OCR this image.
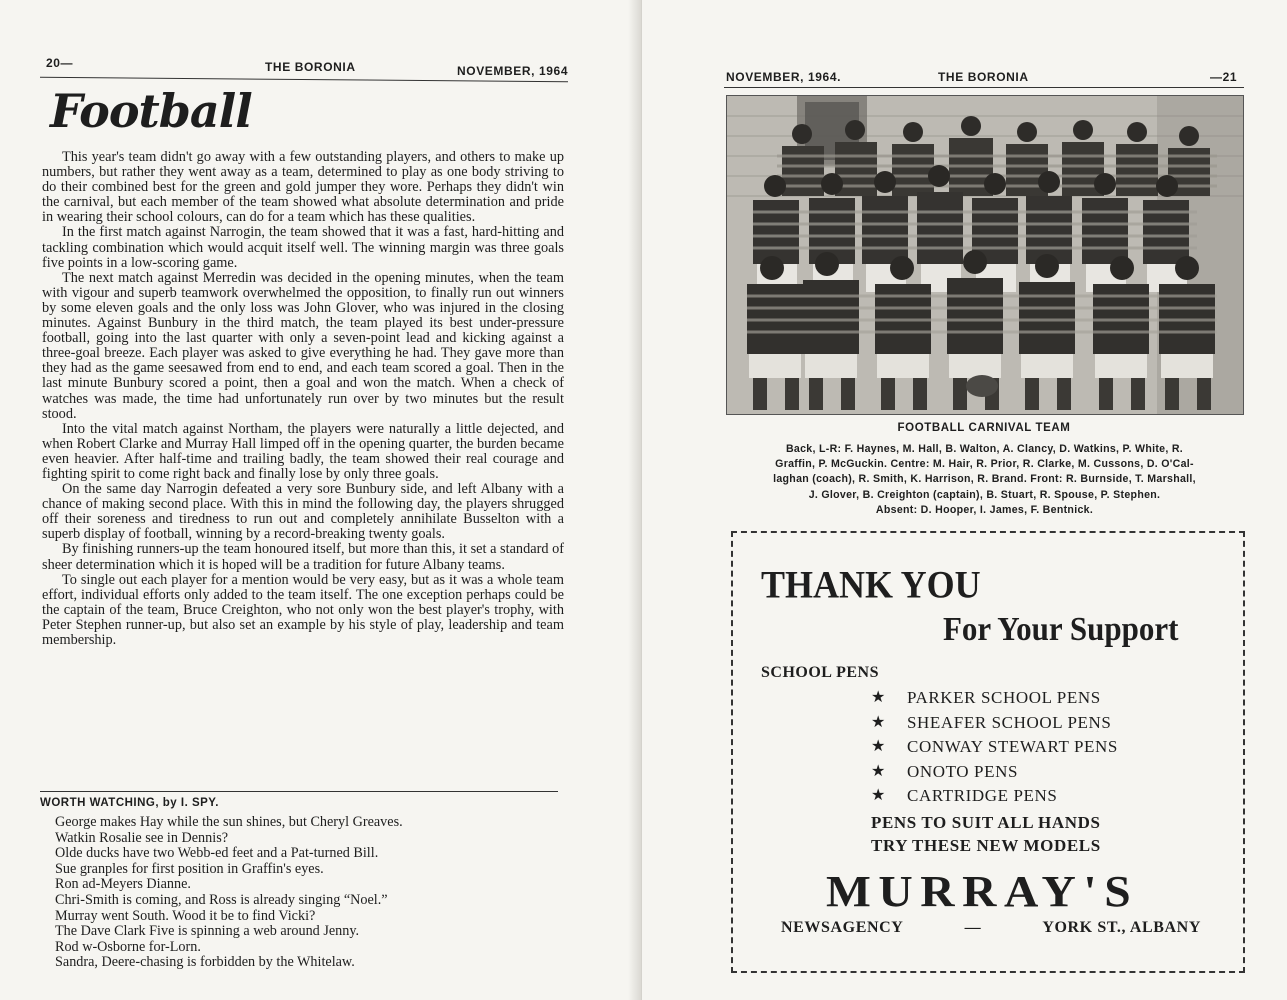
20—	THE BORONIA	NOVEMBER, 1964
Football

This year's team didn't go away with a few outstanding players, and others to make up numbers, but rather they went away as a team, determined to play as one body striving to do their combined best for the green and gold jumper they wore. Perhaps they didn't win the carnival, but each member of the team showed what absolute determination and pride in wearing their school colours, can do for a team which has these qualities.

In the first match against Narrogin, the team showed that it was a fast, hard-hitting and tackling combination which would acquit itself well. The winning margin was three goals five points in a low-scoring game.

The next match against Merredin was decided in the opening minutes, when the team with vigour and superb teamwork overwhelmed the opposition, to finally run out winners by some eleven goals and the only loss was John Glover, who was injured in the closing minutes. Against Bunbury in the third match, the team played its best under-pressure football, going into the last quarter with only a seven-point lead and kicking against a three-goal breeze. Each player was asked to give everything he had. They gave more than they had as the game seesawed from end to end, and each team scored a goal. Then in the last minute Bunbury scored a point, then a goal and won the match. When a check of watches was made, the time had unfortunately run over by two minutes but the result stood.

Into the vital match against Northam, the players were naturally a little dejected, and when Robert Clarke and Murray Hall limped off in the opening quarter, the burden became even heavier. After half-time and trailing badly, the team showed their real courage and fighting spirit to come right back and finally lose by only three goals.

On the same day Narrogin defeated a very sore Bunbury side, and left Albany with a chance of making second place. With this in mind the following day, the players shrugged off their soreness and tiredness to run out and completely annihilate Busselton with a superb display of football, winning by a record-breaking twenty goals.

By finishing runners-up the team honoured itself, but more than this, it set a standard of sheer determination which it is hoped will be a tradition for future Albany teams.

To single out each player for a mention would be very easy, but as it was a whole team effort, individual efforts only added to the team itself. The one exception perhaps could be the captain of the team, Bruce Creighton, who not only won the best player's trophy, with Peter Stephen runner-up, but also set an example by his style of play, leadership and team membership.

WORTH WATCHING, by I. SPY.
George makes Hay while the sun shines, but Cheryl Greaves.
Watkin Rosalie see in Dennis?
Olde ducks have two Webb-ed feet and a Pat-turned Bill.
Sue granples for first position in Graffin's eyes.
Ron ad-Meyers Dianne.
Chri-Smith is coming, and Ross is already singing “Noel.”
Murray went South. Wood it be to find Vicki?
The Dave Clark Five is spinning a web around Jenny.
Rod w-Osborne for-Lorn.
Sandra, Deere-chasing is forbidden by the Whitelaw.
NOVEMBER, 1964.	THE BORONIA	—21
FOOTBALL CARNIVAL TEAM
Back, L-R: F. Haynes, M. Hall, B. Walton, A. Clancy, D. Watkins, P. White, R.
Graffin, P. McGuckin. Centre: M. Hair, R. Prior, R. Clarke, M. Cussons, D. O'Cal-
laghan (coach), R. Smith, K. Harrison, R. Brand. Front: R. Burnside, T. Marshall,
J. Glover, B. Creighton (captain), B. Stuart, R. Spouse, P. Stephen.
Absent: D. Hooper, I. James, F. Bentnick.
THANK YOU
For Your Support
SCHOOL PENS
★	PARKER SCHOOL PENS
★	SHEAFER SCHOOL PENS
★	CONWAY STEWART PENS
★	ONOTO PENS
★	CARTRIDGE PENS
PENS TO SUIT ALL HANDS
TRY THESE NEW MODELS
MURRAY'S
NEWSAGENCY	—	YORK ST., ALBANY
